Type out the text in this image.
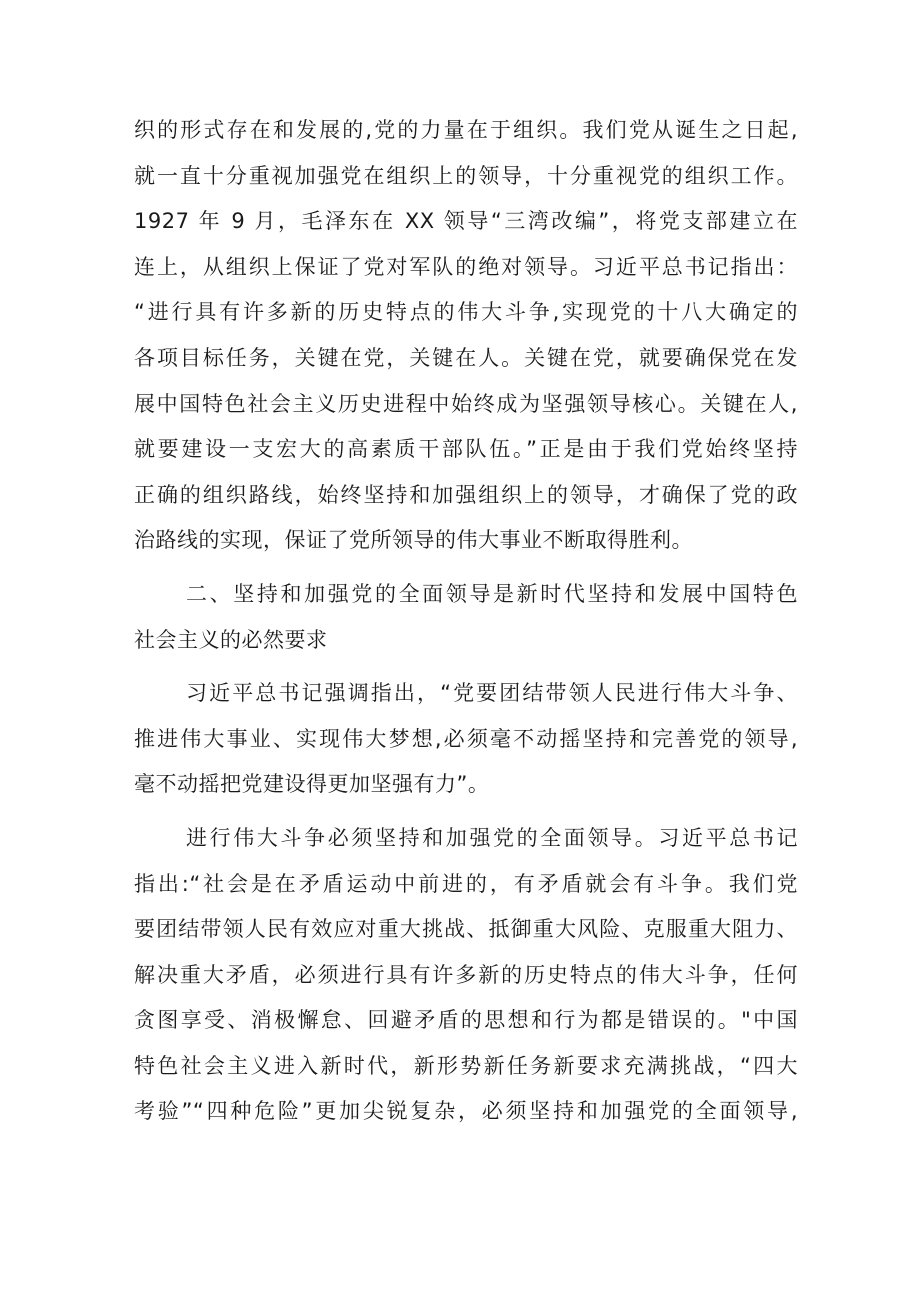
织的形式存在和发展的,党的力量在于组织。我们党从诞生之日起,
就一直十分重视加强党在组织上的领导，十分重视党的组织工作。
1927 年 9 月，毛泽东在 XX 领导“三湾改编”，将党支部建立在
连上，从组织上保证了党对军队的绝对领导。习近平总书记指出：
“进行具有许多新的历史特点的伟大斗争,实现党的十八大确定的
各项目标任务，关键在党，关键在人。关键在党，就要确保党在发
展中国特色社会主义历史进程中始终成为坚强领导核心。关键在人,
就要建设一支宏大的高素质干部队伍。”正是由于我们党始终坚持
正确的组织路线，始终坚持和加强组织上的领导，才确保了党的政
治路线的实现，保证了党所领导的伟大事业不断取得胜利。
二、坚持和加强党的全面领导是新时代坚持和发展中国特色
社会主义的必然要求
习近平总书记强调指出，“党要团结带领人民进行伟大斗争、
推进伟大事业、实现伟大梦想,必须毫不动摇坚持和完善党的领导,
毫不动摇把党建设得更加坚强有力”。
进行伟大斗争必须坚持和加强党的全面领导。习近平总书记
指出:“社会是在矛盾运动中前进的，有矛盾就会有斗争。我们党
要团结带领人民有效应对重大挑战、抵御重大风险、克服重大阻力、
解决重大矛盾，必须进行具有许多新的历史特点的伟大斗争，任何
贪图享受、消极懈怠、回避矛盾的思想和行为都是错误的。"中国
特色社会主义进入新时代，新形势新任务新要求充满挑战，“四大
考验”“四种危险”更加尖锐复杂，必须坚持和加强党的全面领导,
